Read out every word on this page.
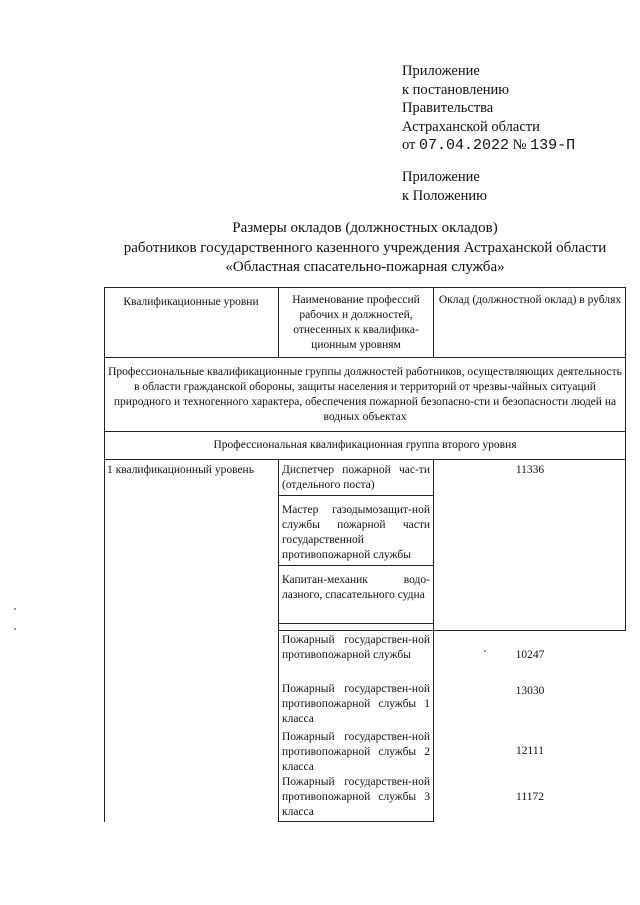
Приложение
к постановлению
Правительства
Астраханской области
от 07.04.2022 № 139-П
Приложение
к Положению
Размеры окладов (должностных окладов)
работников государственного казенного учреждения Астраханской области
«Областная спасательно-пожарная служба»
Квалификационные уровни	Наименование профессий рабочих и должностей, отнесенных к квалифика-ционным уровням
Оклад (должностной оклад) в рублях
Профессиональные квалификационные группы должностей работников, осуществляющих деятельность в области гражданской обороны, защиты населения и территорий от чрезвы-чайных ситуаций природного и техногенного характера, обеспечения пожарной безопасно-сти и безопасности людей на водных объектах
Профессиональная квалификационная группа второго уровня
1 квалификационный уровень	Диспетчер пожарной час-ти (отдельного поста)
Мастер газодымозащит-ной службы пожарной части государственной противопожарной службы
Капитан-механик водо-лазного, спасательного судна
Пожарный государствен-ной противопожарной службы
Пожарный государствен-ной противопожарной службы 1 класса
Пожарный государствен-ной противопожарной службы 2 класса
Пожарный государствен-ной противопожарной службы 3 класса
11336
10247
13030
12111
11172
